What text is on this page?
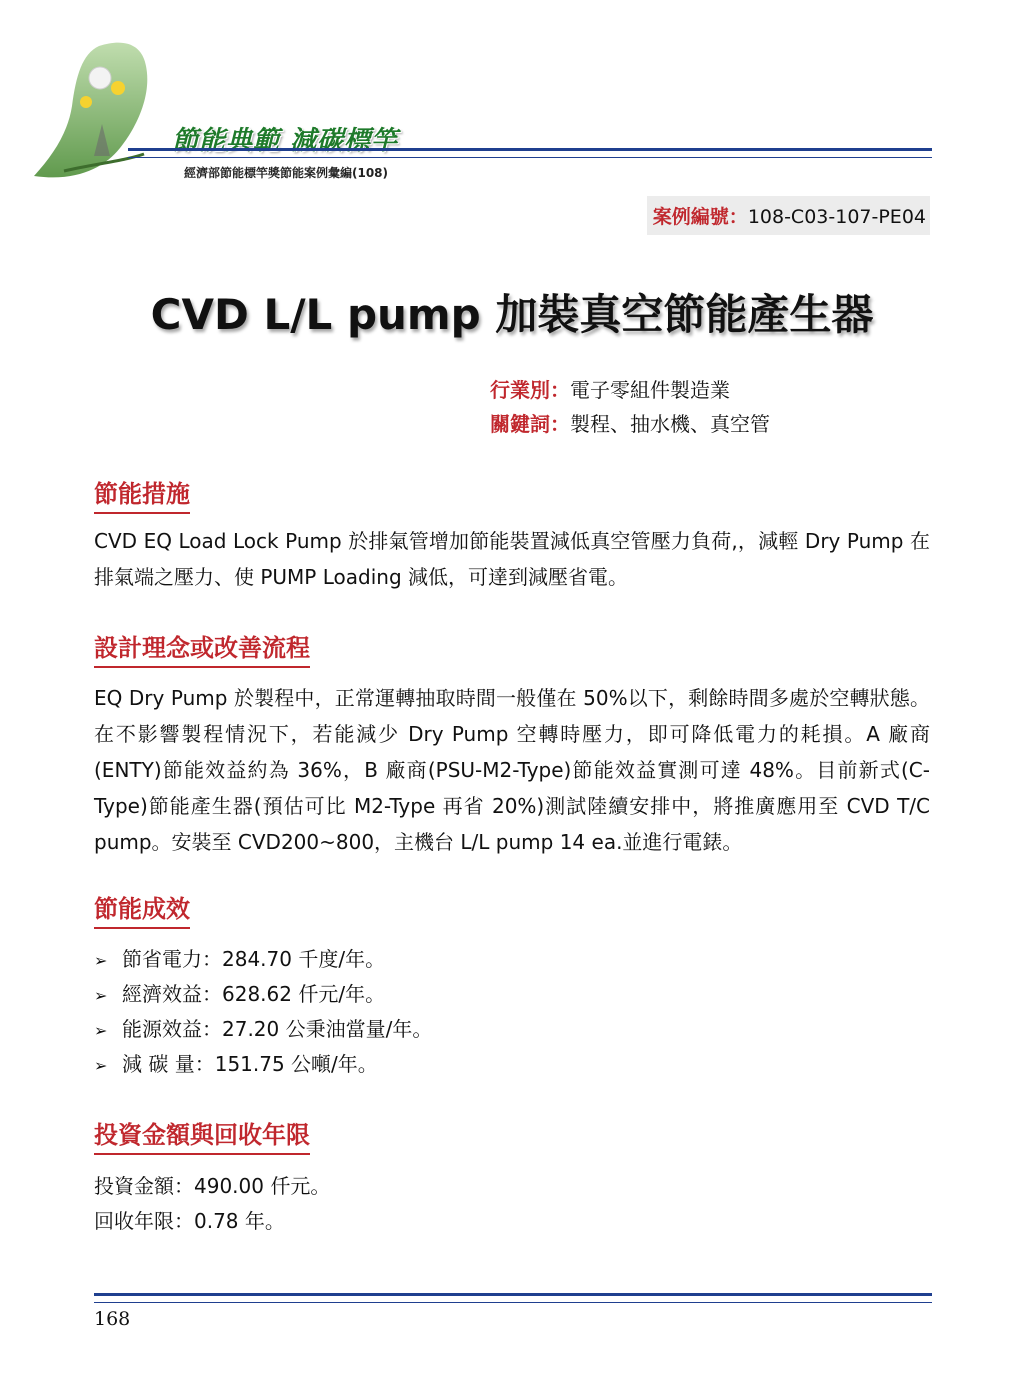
節能典範 減碳標竿
經濟部節能標竿獎節能案例彙編(108)
案例編號：108-C03-107-PE04
CVD L/L pump 加裝真空節能產生器
行業別：電子零組件製造業
關鍵詞：製程、抽水機、真空管
節能措施
CVD EQ Load Lock Pump 於排氣管增加節能裝置減低真空管壓力負荷,，減輕 Dry Pump 在排氣端之壓力、使 PUMP Loading 減低，可達到減壓省電。
設計理念或改善流程
EQ Dry Pump 於製程中，正常運轉抽取時間一般僅在 50%以下，剩餘時間多處於空轉狀態。在不影響製程情況下，若能減少 Dry Pump 空轉時壓力，即可降低電力的耗損。A 廠商(ENTY)節能效益約為 36%，B 廠商(PSU-M2-Type)節能效益實測可達 48%。目前新式(C-Type)節能產生器(預估可比 M2-Type 再省 20%)測試陸續安排中，將推廣應用至 CVD T/C pump。安裝至 CVD200~800，主機台 L/L pump 14 ea.並進行電錶。
節能成效
➢ 節省電力：284.70 千度/年。
➢ 經濟效益：628.62 仟元/年。
➢ 能源效益：27.20 公秉油當量/年。
➢ 減 碳 量：151.75 公噸/年。
投資金額與回收年限
投資金額：490.00 仟元。
回收年限：0.78 年。
168
